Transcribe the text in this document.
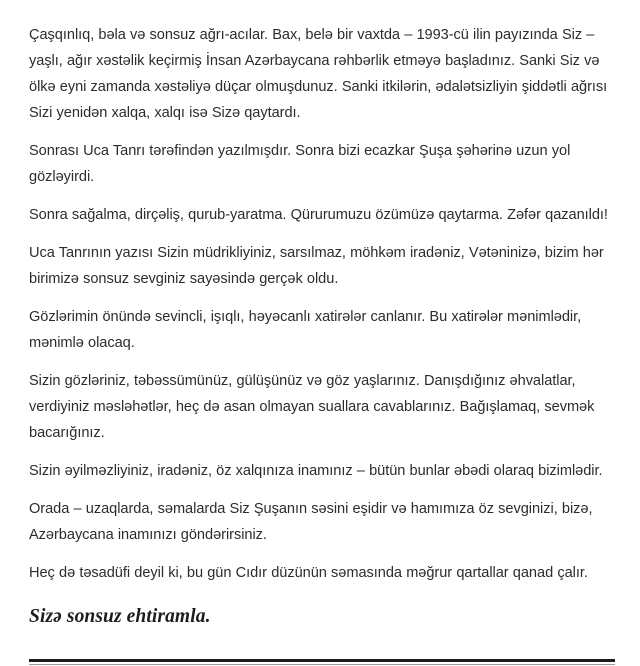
Çaşqınlıq, bəla və sonsuz ağrı-acılar. Bax, belə bir vaxtda – 1993-cü ilin payızında Siz – yaşlı, ağır xəstəlik keçirmiş İnsan Azərbaycana rəhbərlik etməyə başladınız. Sanki Siz və ölkə eyni zamanda xəstəliyə düçar olmuşdunuz. Sanki itkilərin, ədalətsizliyin şiddətli ağrısı Sizi yenidən xalqa, xalqı isə Sizə qaytardı.

Sonrası Uca Tanrı tərəfindən yazılmışdır. Sonra bizi ecazkar Şuşa şəhərinə uzun yol gözləyirdi.

Sonra sağalma, dirçəliş, qurub-yaratma. Qürurumuzu özümüzə qaytarma. Zəfər qazanıldı!

Uca Tanrının yazısı Sizin müdrikliyiniz, sarsılmaz, möhkəm iradəniz, Vətəninizə, bizim hər birimizə sonsuz sevginiz sayəsində gerçək oldu.

Gözlərimin önündə sevincli, işıqlı, həyəcanlı xatirələr canlanır. Bu xatirələr mənimlədir, mənimlə olacaq.

Sizin gözləriniz, təbəssümünüz, gülüşünüz və göz yaşlarınız. Danışdığınız əhvalatlar, verdiyiniz məsləhətlər, heç də asan olmayan suallara cavablarınız. Bağışlamaq, sevmək bacarığınız.

Sizin əyilməzliyiniz, iradəniz, öz xalqınıza inamınız – bütün bunlar əbədi olaraq bizimlədir.

Orada – uzaqlarda, səmalarda Siz Şuşanın səsini eşidir və hamımıza öz sevginizi, bizə, Azərbaycana inamınızı göndərirsiniz.

Heç də təsadüfi deyil ki, bu gün Cıdır düzünün səmasında məğrur qartallar qanad çalır.

Sizə sonsuz ehtiramla.
